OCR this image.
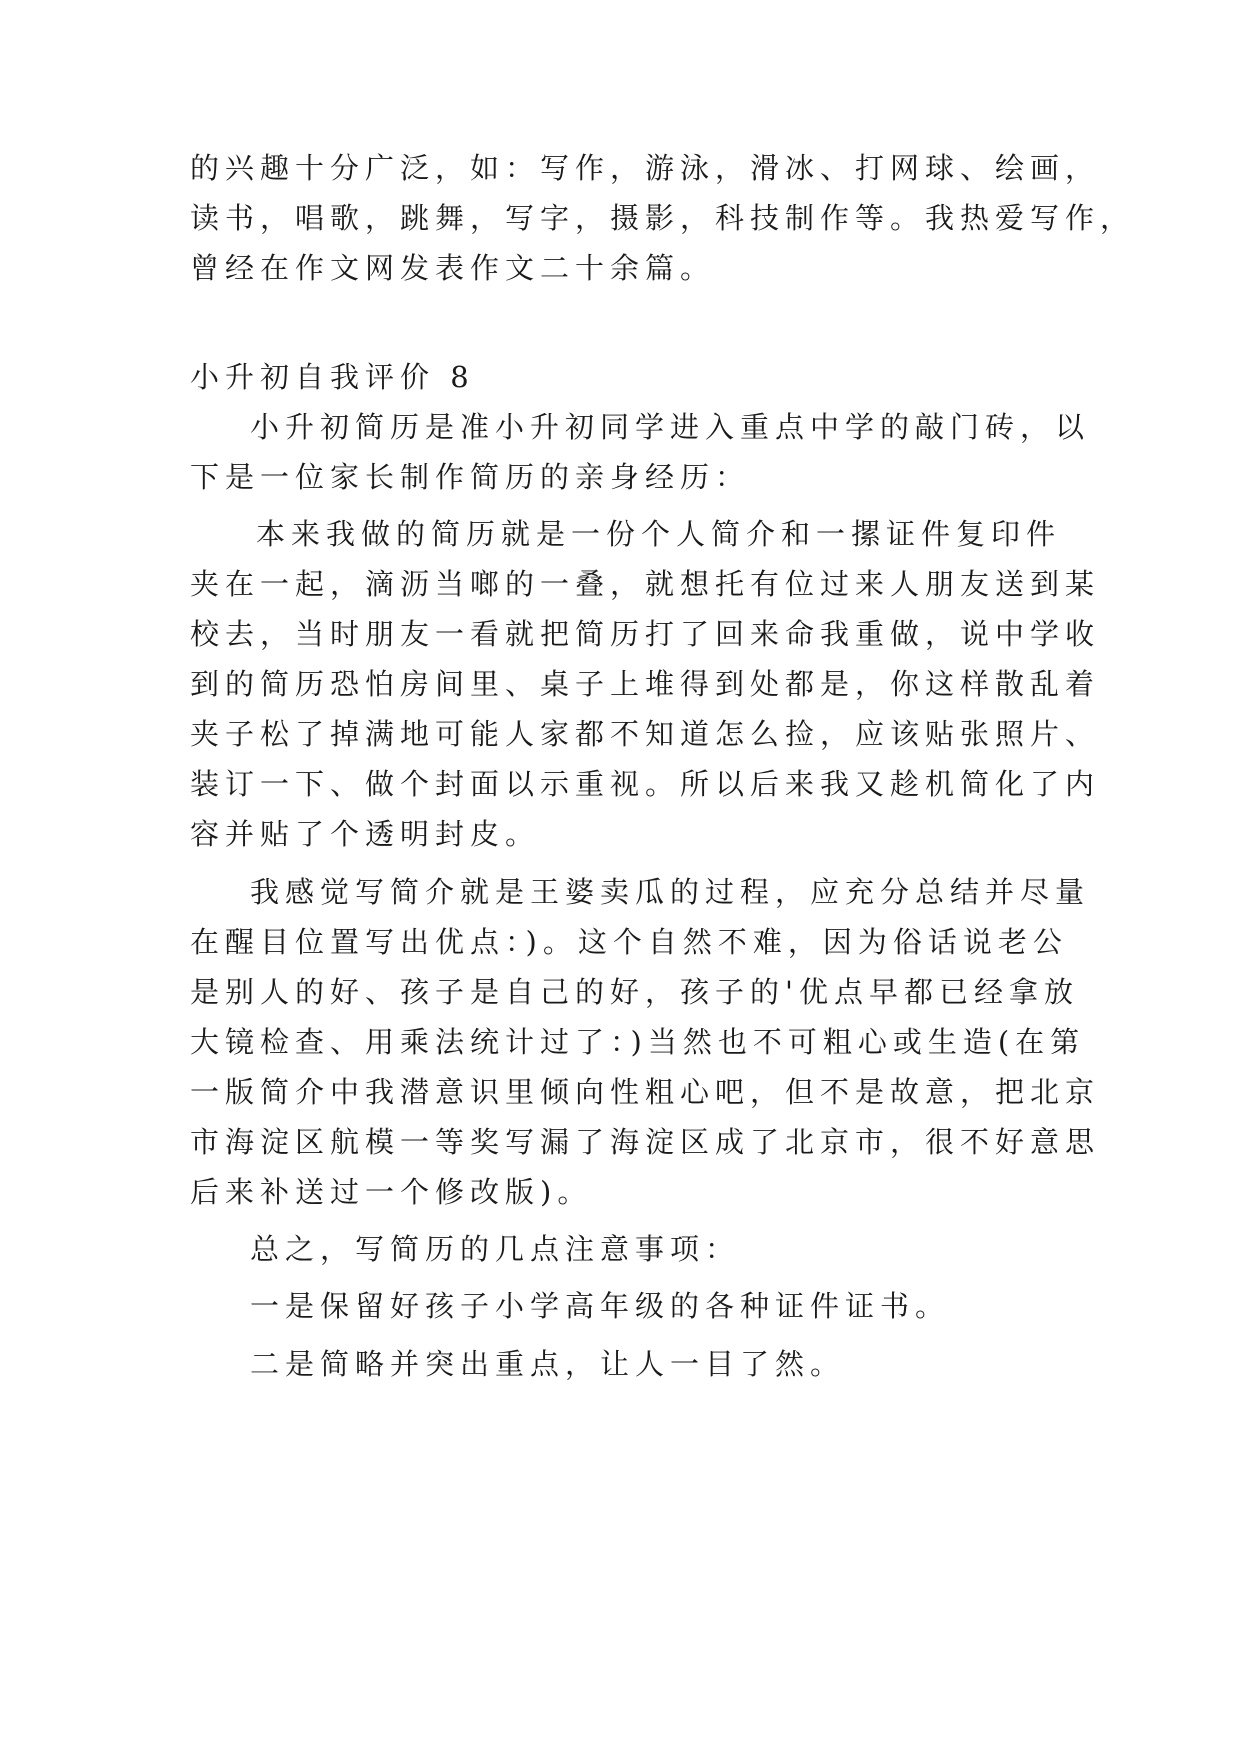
的兴趣十分广泛，如：写作，游泳，滑冰、打网球、绘画，
读书，唱歌，跳舞，写字，摄影，科技制作等。我热爱写作，
曾经在作文网发表作文二十余篇。
小升初自我评价 8
小升初简历是准小升初同学进入重点中学的敲门砖，以
下是一位家长制作简历的亲身经历：
本来我做的简历就是一份个人简介和一摞证件复印件
夹在一起，滴沥当啷的一叠，就想托有位过来人朋友送到某
校去，当时朋友一看就把简历打了回来命我重做，说中学收
到的简历恐怕房间里、桌子上堆得到处都是，你这样散乱着
夹子松了掉满地可能人家都不知道怎么捡，应该贴张照片、
装订一下、做个封面以示重视。所以后来我又趁机简化了内
容并贴了个透明封皮。
我感觉写简介就是王婆卖瓜的过程，应充分总结并尽量
在醒目位置写出优点：)。这个自然不难，因为俗话说老公
是别人的好、孩子是自己的好，孩子的'优点早都已经拿放
大镜检查、用乘法统计过了：)当然也不可粗心或生造(在第
一版简介中我潜意识里倾向性粗心吧，但不是故意，把北京
市海淀区航模一等奖写漏了海淀区成了北京市，很不好意思
后来补送过一个修改版)。
总之，写简历的几点注意事项：
一是保留好孩子小学高年级的各种证件证书。
二是简略并突出重点，让人一目了然。
